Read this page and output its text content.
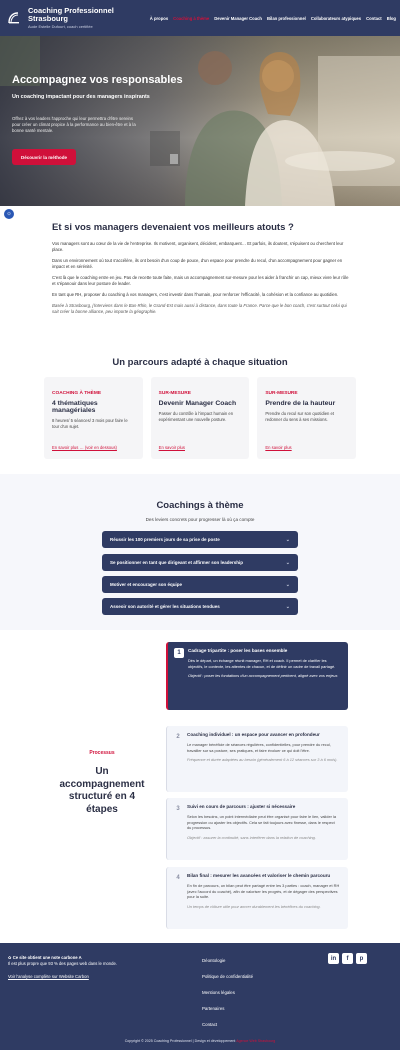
Coaching Professionnel
Strasbourg
Aude Estelle Dufourt, coach certifiée
À propos Coaching à thème Devenir Manager Coach Bilan professionnel Collaborateurs atypiques Contact Blog
Accompagnez vos responsables
Un coaching impactant pour des managers inspirants
Offrez à vos leaders l'approche qui leur permettra d'être sereins pour créer un climat propice à la performance au bien-être et à la bonne santé mentale.
Découvrir la méthode
☼
Et si vos managers devenaient vos meilleurs atouts ?

Vos managers sont au cœur de la vie de l'entreprise. Ils motivent, organisent, décident, embarquent… Et parfois, ils doutent, s'épuisent ou cherchent leur place.

Dans un environnement où tout s'accélère, ils ont besoin d'un coup de pouce, d'un espace pour prendre du recul, d'un accompagnement pour gagner en impact et en sérénité.

C'est là que le coaching entre en jeu. Pas de recette toute faite, mais un accompagnement sur-mesure pour les aider à franchir un cap, mieux vivre leur rôle et s'épanouir dans leur posture de leader.

En tant que RH, proposer du coaching à vos managers, c'est investir dans l'humain, pour renforcer l'efficacité, la cohésion et la confiance au quotidien.

Basée à Strasbourg, j'interviens dans le Bas-Rhin, le Grand-Est mais aussi à distance, dans toute la France. Parce que le bon coach, c'est surtout celui qui sait créer la bonne alliance, peu importe la géographie.

Un parcours adapté à chaque situation
COACHING À THÈME
4 thématiques managériales
8 heures/ 5 séances/ 3 mois pour faire le tour d'un sujet.
En savoir plus … (voir en dessous)
SUR-MESURE
Devenir Manager Coach
Passer du contrôle à l'impact humain en expérimentant une nouvelle posture.
En savoir plus
SUR-MESURE
Prendre de la hauteur
Prendre du recul sur son quotidien et redonner du sens à ses missions.
En savoir plus
Coachings à thème
Des leviers concrets pour progresser là où ça compte
Réussir les 100 premiers jours de sa prise de poste	⌄
Se positionner en tant que dirigeant et affirmer son leadership	⌄
Motiver et encourager son équipe	⌄
Asseoir son autorité et gérer les situations tendues	⌄
Processus
Un accompagnement structuré en 4 étapes
1	Cadrage tripartite : poser les bases ensemble
Dès le départ, un échange réunit manager, RH et coach. Il permet de clarifier les objectifs, le contexte, les attentes de chacun, et de définir un cadre de travail partagé.
Objectif : poser les fondations d'un accompagnement pertinent, aligné avec vos enjeux.
2	Coaching individuel : un espace pour avancer en profondeur
Le manager bénéficie de séances régulières, confidentielles, pour prendre du recul, travailler sur sa posture, ses pratiques, et faire évoluer ce qui doit l'être.
Fréquence et durée adaptées au besoin (généralement 6 à 12 séances sur 3 à 6 mois).
3	Suivi en cours de parcours : ajuster si nécessaire
Selon les besoins, un point intermédiaire peut être organisé pour faire le lien, valider la progression ou ajuster les objectifs. Cela se fait toujours avec finesse, dans le respect du processus.
Objectif : assurer la continuité, sans interférer dans la relation de coaching.
4	Bilan final : mesurer les avancées et valoriser le chemin parcouru
En fin de parcours, un bilan peut être partagé entre les 3 parties : coach, manager et RH (avec l'accord du coaché), afin de valoriser les progrès, et de dégager des perspectives pour la suite.
Un temps de clôture utile pour ancrer durablement les bénéfices du coaching.
✿ Ce site obtient une note carbone A
Il est plus propre que 93 % des pages web dans le monde.
Voir l'analyse complète sur Website Carbon
Déontologie
Politique de confidentialité
Mentions légales
Partenaires
Contact
in	f	p
Copyright © 2025 Coaching Professionnel | Design et développement Agence Web Strasbourg
